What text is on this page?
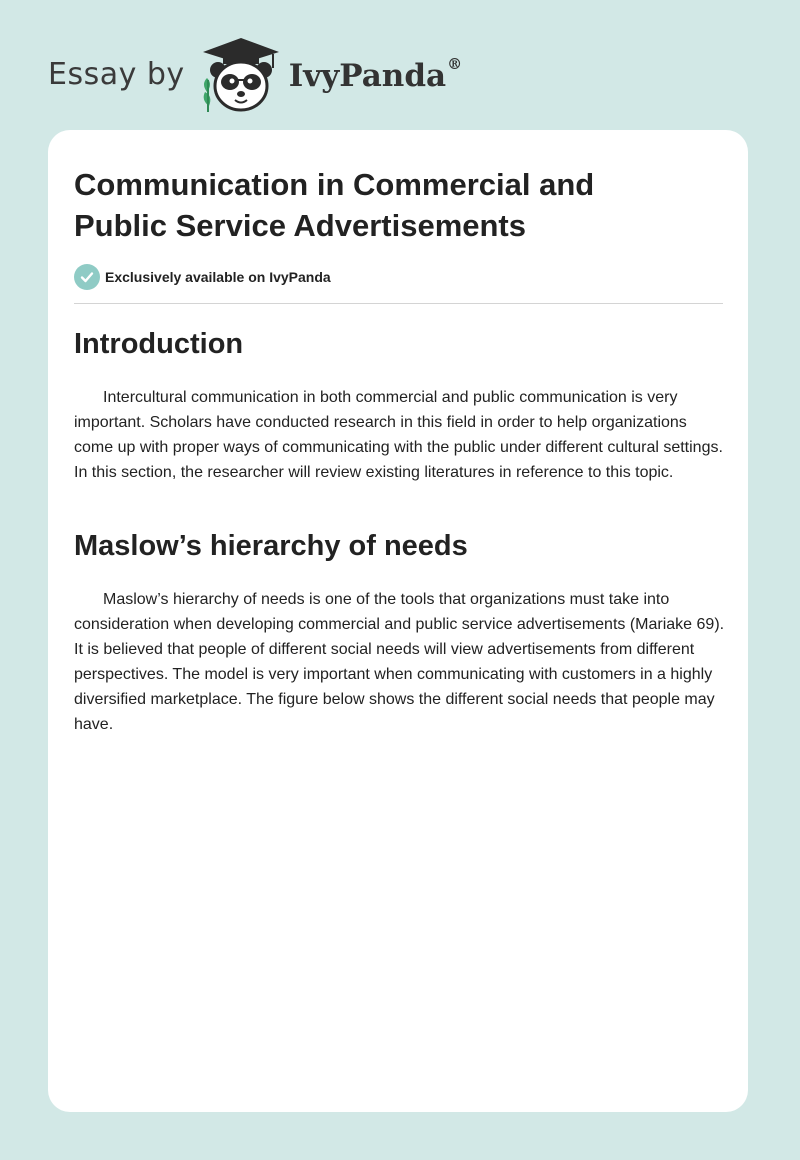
Essay by	IvyPanda®
Communication in Commercial and Public Service Advertisements
Exclusively available on IvyPanda
Introduction

Intercultural communication in both commercial and public communication is very important. Scholars have conducted research in this field in order to help organizations come up with proper ways of communicating with the public under different cultural settings. In this section, the researcher will review existing literatures in reference to this topic.

Maslow’s hierarchy of needs

Maslow’s hierarchy of needs is one of the tools that organizations must take into consideration when developing commercial and public service advertisements (Mariake 69). It is believed that people of different social needs will view advertisements from different perspectives. The model is very important when communicating with customers in a highly diversified marketplace. The figure below shows the different social needs that people may have.
